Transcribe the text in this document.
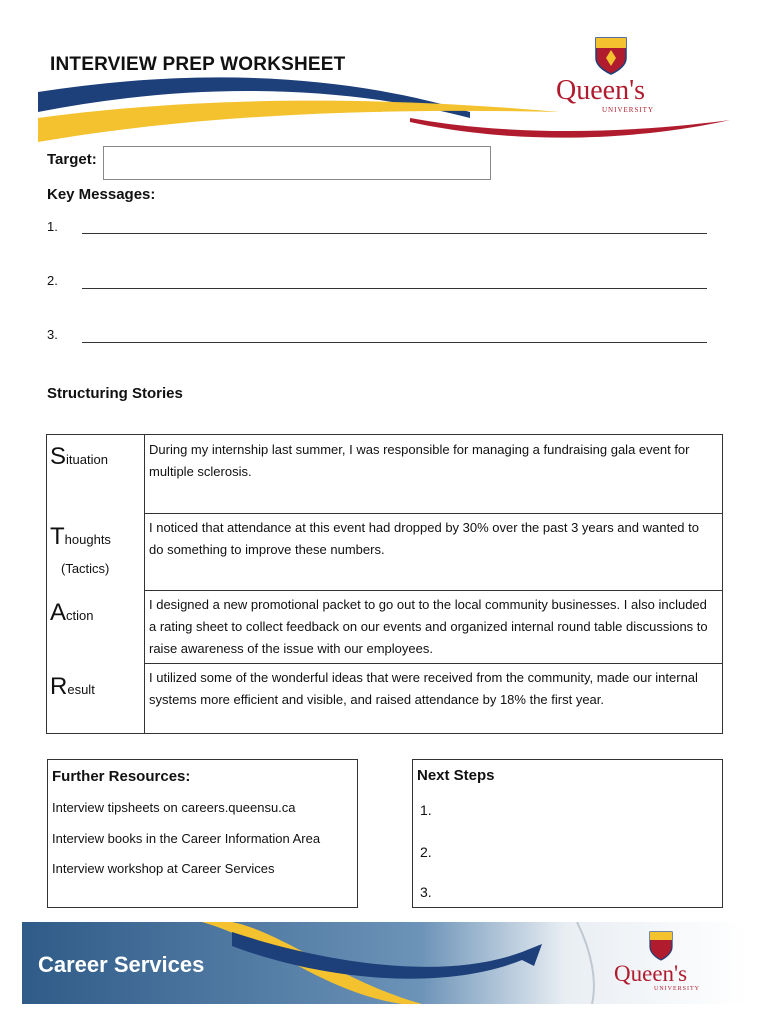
INTERVIEW PREP WORKSHEET
Queen's
UNIVERSITY
Target:
Key Messages:
1.
2.
3.
Structuring Stories
Situation
During my internship last summer, I was responsible for managing a fundraising gala event for multiple sclerosis.
Thoughts
(Tactics)
I noticed that attendance at this event had dropped by 30% over the past 3 years and wanted to do something to improve these numbers.
Action
I designed a new promotional packet to go out to the local community businesses. I also included a rating sheet to collect feedback on our events and organized internal round table discussions to raise awareness of the issue with our employees.
Result
I utilized some of the wonderful ideas that were received from the community, made our internal systems more efficient and visible, and raised attendance by 18% the first year.
Further Resources:
Interview tipsheets on careers.queensu.ca
Interview books in the Career Information Area
Interview workshop at Career Services
Next Steps
1.
2.
3.
Career Services	Queen's
UNIVERSITY
